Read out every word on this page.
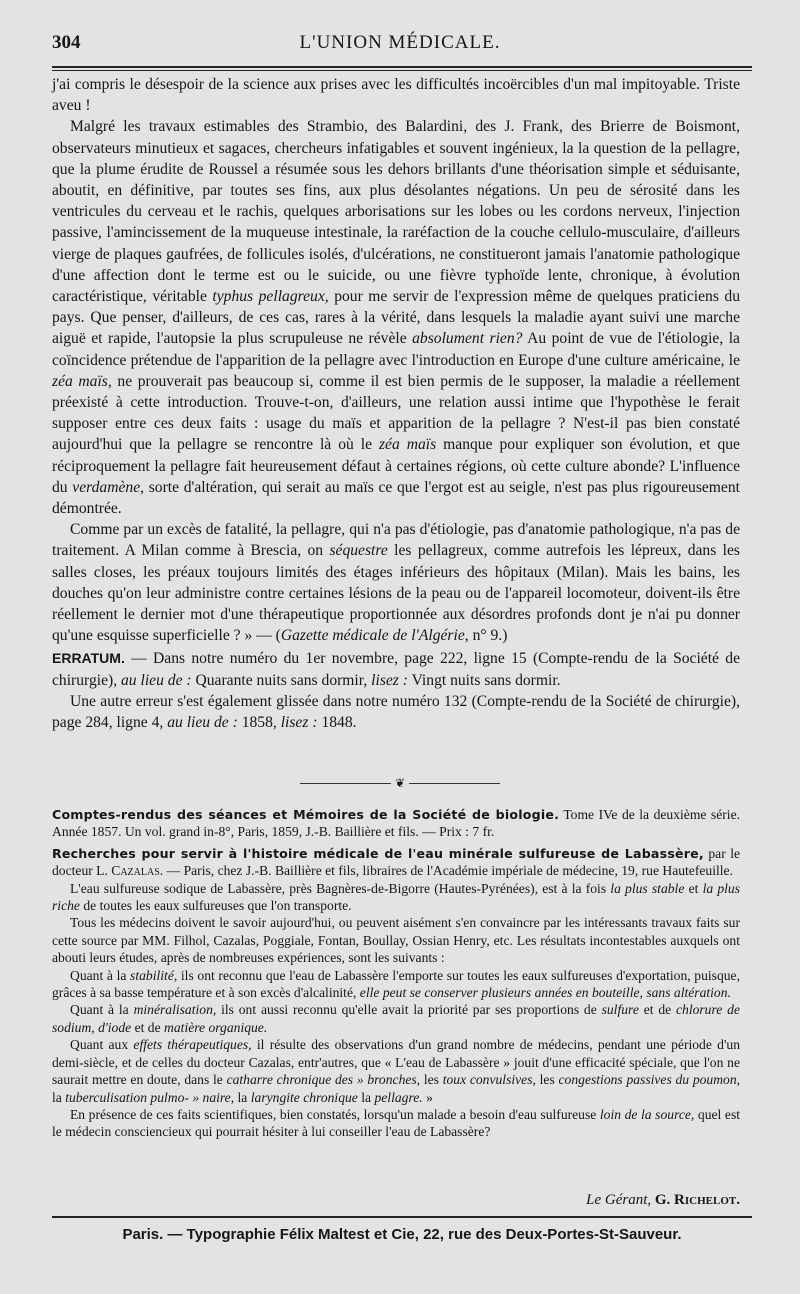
304	L'UNION MÉDICALE.

j'ai compris le désespoir de la science aux prises avec les difficultés incoërcibles d'un mal impitoyable. Triste aveu !

Malgré les travaux estimables des Strambio, des Balardini, des J. Frank, des Brierre de Boismont, observateurs minutieux et sagaces, chercheurs infatigables et souvent ingénieux, la la question de la pellagre, que la plume érudite de Roussel a résumée sous les dehors brillants d'une théorisation simple et séduisante, aboutit, en définitive, par toutes ses fins, aux plus désolantes négations. Un peu de sérosité dans les ventricules du cerveau et le rachis, quelques arborisations sur les lobes ou les cordons nerveux, l'injection passive, l'amincissement de la muqueuse intestinale, la raréfaction de la couche cellulo-musculaire, d'ailleurs vierge de plaques gaufrées, de follicules isolés, d'ulcérations, ne constitueront jamais l'anatomie pathologique d'une affection dont le terme est ou le suicide, ou une fièvre typhoïde lente, chronique, à évolution caractéristique, véritable typhus pellagreux, pour me servir de l'expression même de quelques praticiens du pays. Que penser, d'ailleurs, de ces cas, rares à la vérité, dans lesquels la maladie ayant suivi une marche aiguë et rapide, l'autopsie la plus scrupuleuse ne révèle absolument rien? Au point de vue de l'étiologie, la coïncidence prétendue de l'apparition de la pellagre avec l'introduction en Europe d'une culture américaine, le zéa maïs, ne prouverait pas beaucoup si, comme il est bien permis de le supposer, la maladie a réellement préexisté à cette introduction. Trouve-t-on, d'ailleurs, une relation aussi intime que l'hypothèse le ferait supposer entre ces deux faits : usage du maïs et apparition de la pellagre ? N'est-il pas bien constaté aujourd'hui que la pellagre se rencontre là où le zéa maïs manque pour expliquer son évolution, et que réciproquement la pellagre fait heureusement défaut à certaines régions, où cette culture abonde? L'influence du verdamène, sorte d'altération, qui serait au maïs ce que l'ergot est au seigle, n'est pas plus rigoureusement démontrée.

Comme par un excès de fatalité, la pellagre, qui n'a pas d'étiologie, pas d'anatomie pathologique, n'a pas de traitement. A Milan comme à Brescia, on séquestre les pellagreux, comme autrefois les lépreux, dans les salles closes, les préaux toujours limités des étages inférieurs des hôpitaux (Milan). Mais les bains, les douches qu'on leur administre contre certaines lésions de la peau ou de l'appareil locomoteur, doivent-ils être réellement le dernier mot d'une thérapeutique proportionnée aux désordres profonds dont je n'ai pu donner qu'une esquisse superficielle ? » — (Gazette médicale de l'Algérie, n° 9.)

ERRATUM. — Dans notre numéro du 1er novembre, page 222, ligne 15 (Compte-rendu de la Société de chirurgie), au lieu de : Quarante nuits sans dormir, lisez : Vingt nuits sans dormir.

Une autre erreur s'est également glissée dans notre numéro 132 (Compte-rendu de la Société de chirurgie), page 284, ligne 4, au lieu de : 1858, lisez : 1848.

❦

Comptes-rendus des séances et Mémoires de la Société de biologie. Tome IVe de la deuxième série. Année 1857. Un vol. grand in-8°, Paris, 1859, J.-B. Baillière et fils. — Prix : 7 fr.

Recherches pour servir à l'histoire médicale de l'eau minérale sulfureuse de Labassère, par le docteur L. Cazalas. — Paris, chez J.-B. Baillière et fils, libraires de l'Académie impériale de médecine, 19, rue Hautefeuille.

L'eau sulfureuse sodique de Labassère, près Bagnères-de-Bigorre (Hautes-Pyrénées), est à la fois la plus stable et la plus riche de toutes les eaux sulfureuses que l'on transporte.

Tous les médecins doivent le savoir aujourd'hui, ou peuvent aisément s'en convaincre par les intéressants travaux faits sur cette source par MM. Filhol, Cazalas, Poggiale, Fontan, Boullay, Ossian Henry, etc. Les résultats incontestables auxquels ont abouti leurs études, après de nombreuses expériences, sont les suivants :

Quant à la stabilité, ils ont reconnu que l'eau de Labassère l'emporte sur toutes les eaux sulfureuses d'exportation, puisque, grâces à sa basse température et à son excès d'alcalinité, elle peut se conserver plusieurs années en bouteille, sans altération.

Quant à la minéralisation, ils ont aussi reconnu qu'elle avait la priorité par ses proportions de sulfure et de chlorure de sodium, d'iode et de matière organique.

Quant aux effets thérapeutiques, il résulte des observations d'un grand nombre de médecins, pendant une période d'un demi-siècle, et de celles du docteur Cazalas, entr'autres, que « L'eau de Labassère » jouit d'une efficacité spéciale, que l'on ne saurait mettre en doute, dans le catharre chronique des » bronches, les toux convulsives, les congestions passives du poumon, la tuberculisation pulmo- » naire, la laryngite chronique la pellagre. »

En présence de ces faits scientifiques, bien constatés, lorsqu'un malade a besoin d'eau sulfureuse loin de la source, quel est le médecin consciencieux qui pourrait hésiter à lui conseiller l'eau de Labassère?

Le Gérant, G. Richelot.
Paris. — Typographie Félix Maltest et Cie, 22, rue des Deux-Portes-St-Sauveur.
